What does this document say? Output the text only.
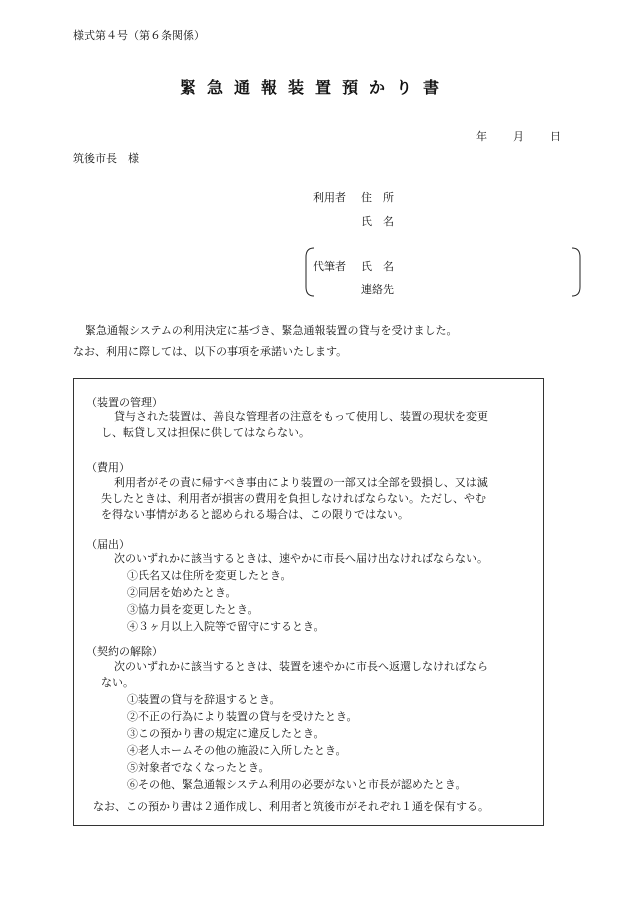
様式第４号（第６条関係）
緊急通報装置預かり書
年 月 日
筑後市長　様
利用者 住　所
氏　名
代筆者 氏　名
連絡先
緊急通報システムの利用決定に基づき、緊急通報装置の貸与を受けました。
なお、利用に際しては、以下の事項を承諾いたします。
（装置の管理）
貸与された装置は、善良な管理者の注意をもって使用し、装置の現状を変更
し、転貸し又は担保に供してはならない。
（費用）
利用者がその責に帰すべき事由により装置の一部又は全部を毀損し、又は滅
失したときは、利用者が損害の費用を負担しなければならない。ただし、やむ
を得ない事情があると認められる場合は、この限りではない。
（届出）
次のいずれかに該当するときは、速やかに市長へ届け出なければならない。
①氏名又は住所を変更したとき。
②同居を始めたとき。
③協力員を変更したとき。
④３ヶ月以上入院等で留守にするとき。
（契約の解除）
次のいずれかに該当するときは、装置を速やかに市長へ返還しなければなら
ない。
①装置の貸与を辞退するとき。
②不正の行為により装置の貸与を受けたとき。
③この預かり書の規定に違反したとき。
④老人ホームその他の施設に入所したとき。
⑤対象者でなくなったとき。
⑥その他、緊急通報システム利用の必要がないと市長が認めたとき。
なお、この預かり書は２通作成し、利用者と筑後市がそれぞれ１通を保有する。
